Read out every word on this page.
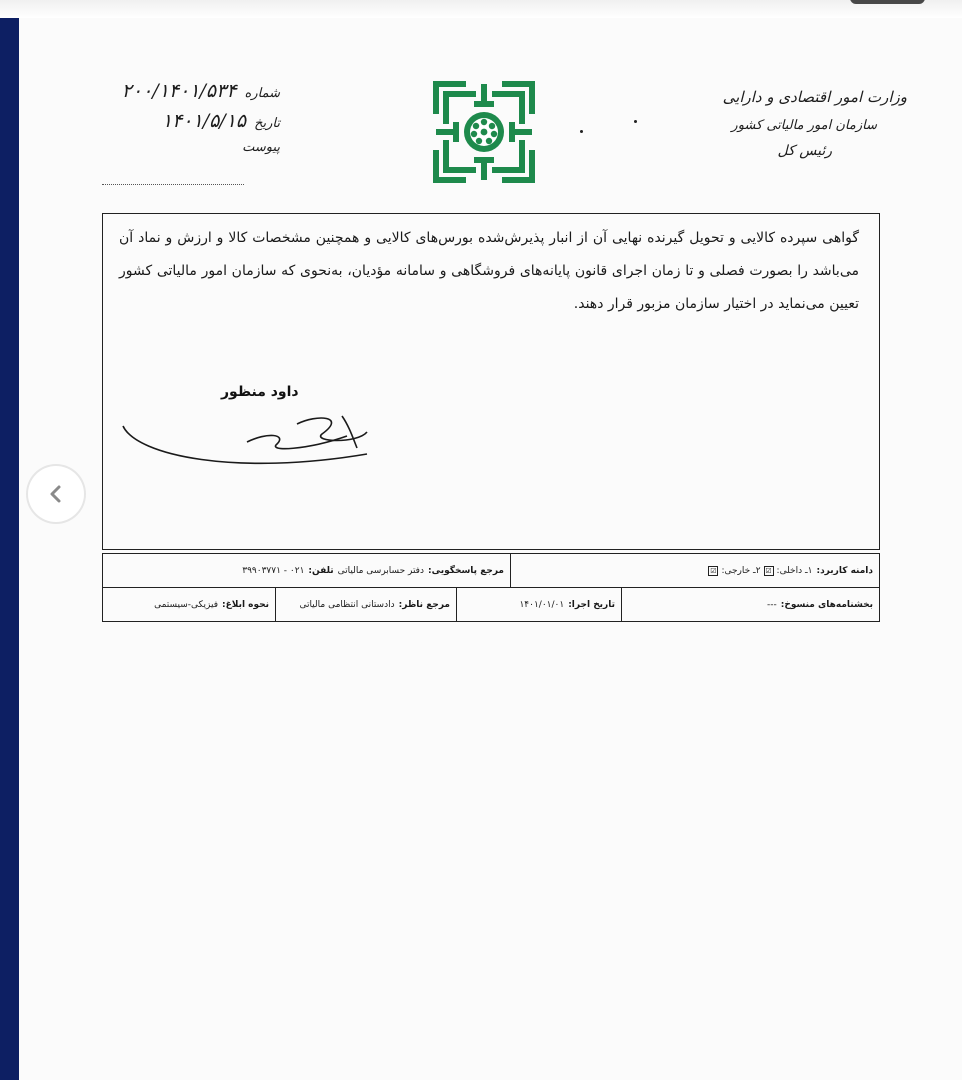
شماره
۲۰۰/۱۴۰۱/۵۳۴
تاریخ
۱۴۰۱/۵/۱۵
پیوست
وزارت امور اقتصادی و دارایی
سازمان امور مالیاتی کشور
رئیس کل
گواهی سپرده کالایی و تحویل گیرنده نهایی آن از انبار پذیرش‌شده بورس‌های کالایی و همچنین مشخصات کالا و ارزش و نماد آن می‌باشد را بصورت فصلی و تا زمان اجرای قانون پایانه‌های فروشگاهی و سامانه مؤدیان، به‌نحوی که سازمان امور مالیاتی کشور تعیین می‌نماید در اختیار سازمان مزبور قرار دهند.
داود منظور
دامنه کاربرد:
۱ـ داخلی:
☑
۲ـ خارجی:
☑
مرجع پاسخگویی:
دفتر حسابرسی مالیاتی
تلفن:
۰۲۱ - ۳۹۹۰۳۷۷۱
بخشنامه‌های منسوخ:
---
تاریخ اجرا:
۱۴۰۱/۰۱/۰۱
مرجع ناظر:
دادستانی انتظامی مالیاتی
نحوه ابلاغ:
فیزیکی-سیستمی
